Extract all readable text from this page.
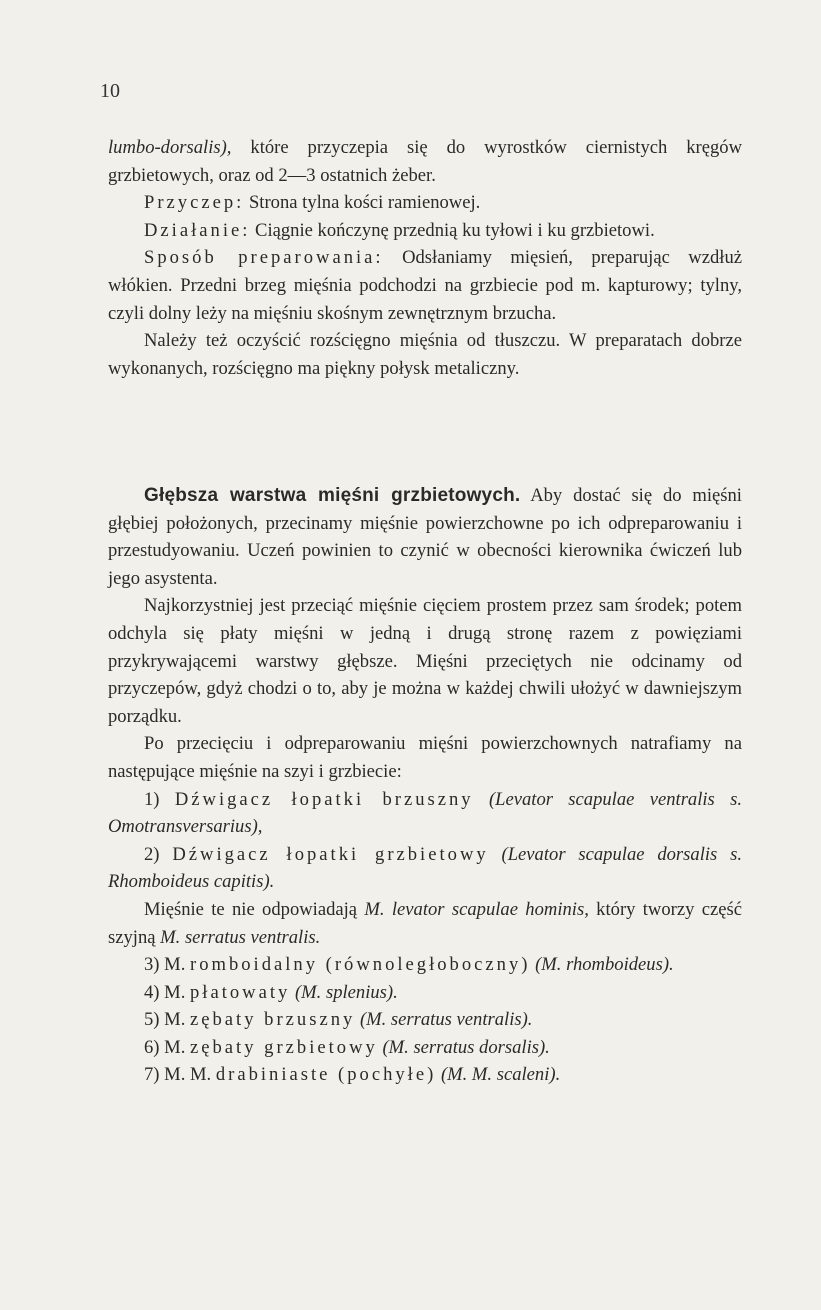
10

lumbo-dorsalis), które przyczepia się do wyrostków ciernistych kręgów grzbietowych, oraz od 2—3 ostatnich żeber.

Przyczep: Strona tylna kości ramienowej.

Działanie: Ciągnie kończynę przednią ku tyłowi i ku grzbietowi.

Sposób preparowania: Odsłaniamy mięsień, preparując wzdłuż włókien. Przedni brzeg mięśnia podchodzi na grzbiecie pod m. kapturowy; tylny, czyli dolny leży na mięśniu skośnym zewnętrznym brzucha.

Należy też oczyścić rozścięgno mięśnia od tłuszczu. W preparatach dobrze wykonanych, rozścięgno ma piękny połysk metaliczny.

Głębsza warstwa mięśni grzbietowych. Aby dostać się do mięśni głębiej położonych, przecinamy mięśnie powierzchowne po ich odpreparowaniu i przestudyowaniu. Uczeń powinien to czynić w obecności kierownika ćwiczeń lub jego asystenta.

Najkorzystniej jest przeciąć mięśnie cięciem prostem przez sam środek; potem odchyla się płaty mięśni w jedną i drugą stronę razem z powięziami przykrywającemi warstwy głębsze. Mięśni przeciętych nie odcinamy od przyczepów, gdyż chodzi o to, aby je można w każdej chwili ułożyć w dawniejszym porządku.

Po przecięciu i odpreparowaniu mięśni powierzchownych natrafiamy na następujące mięśnie na szyi i grzbiecie:

1) Dźwigacz łopatki brzuszny (Levator scapulae ventralis s. Omotransversarius),

2) Dźwigacz łopatki grzbietowy (Levator scapulae dorsalis s. Rhomboideus capitis).

Mięśnie te nie odpowiadają M. levator scapulae hominis, który tworzy część szyjną M. serratus ventralis.

3) M. romboidalny (równoległoboczny) (M. rhomboideus).

4) M. płatowaty (M. splenius).

5) M. zębaty brzuszny (M. serratus ventralis).

6) M. zębaty grzbietowy (M. serratus dorsalis).

7) M. M. drabiniaste (pochyłe) (M. M. scaleni).
